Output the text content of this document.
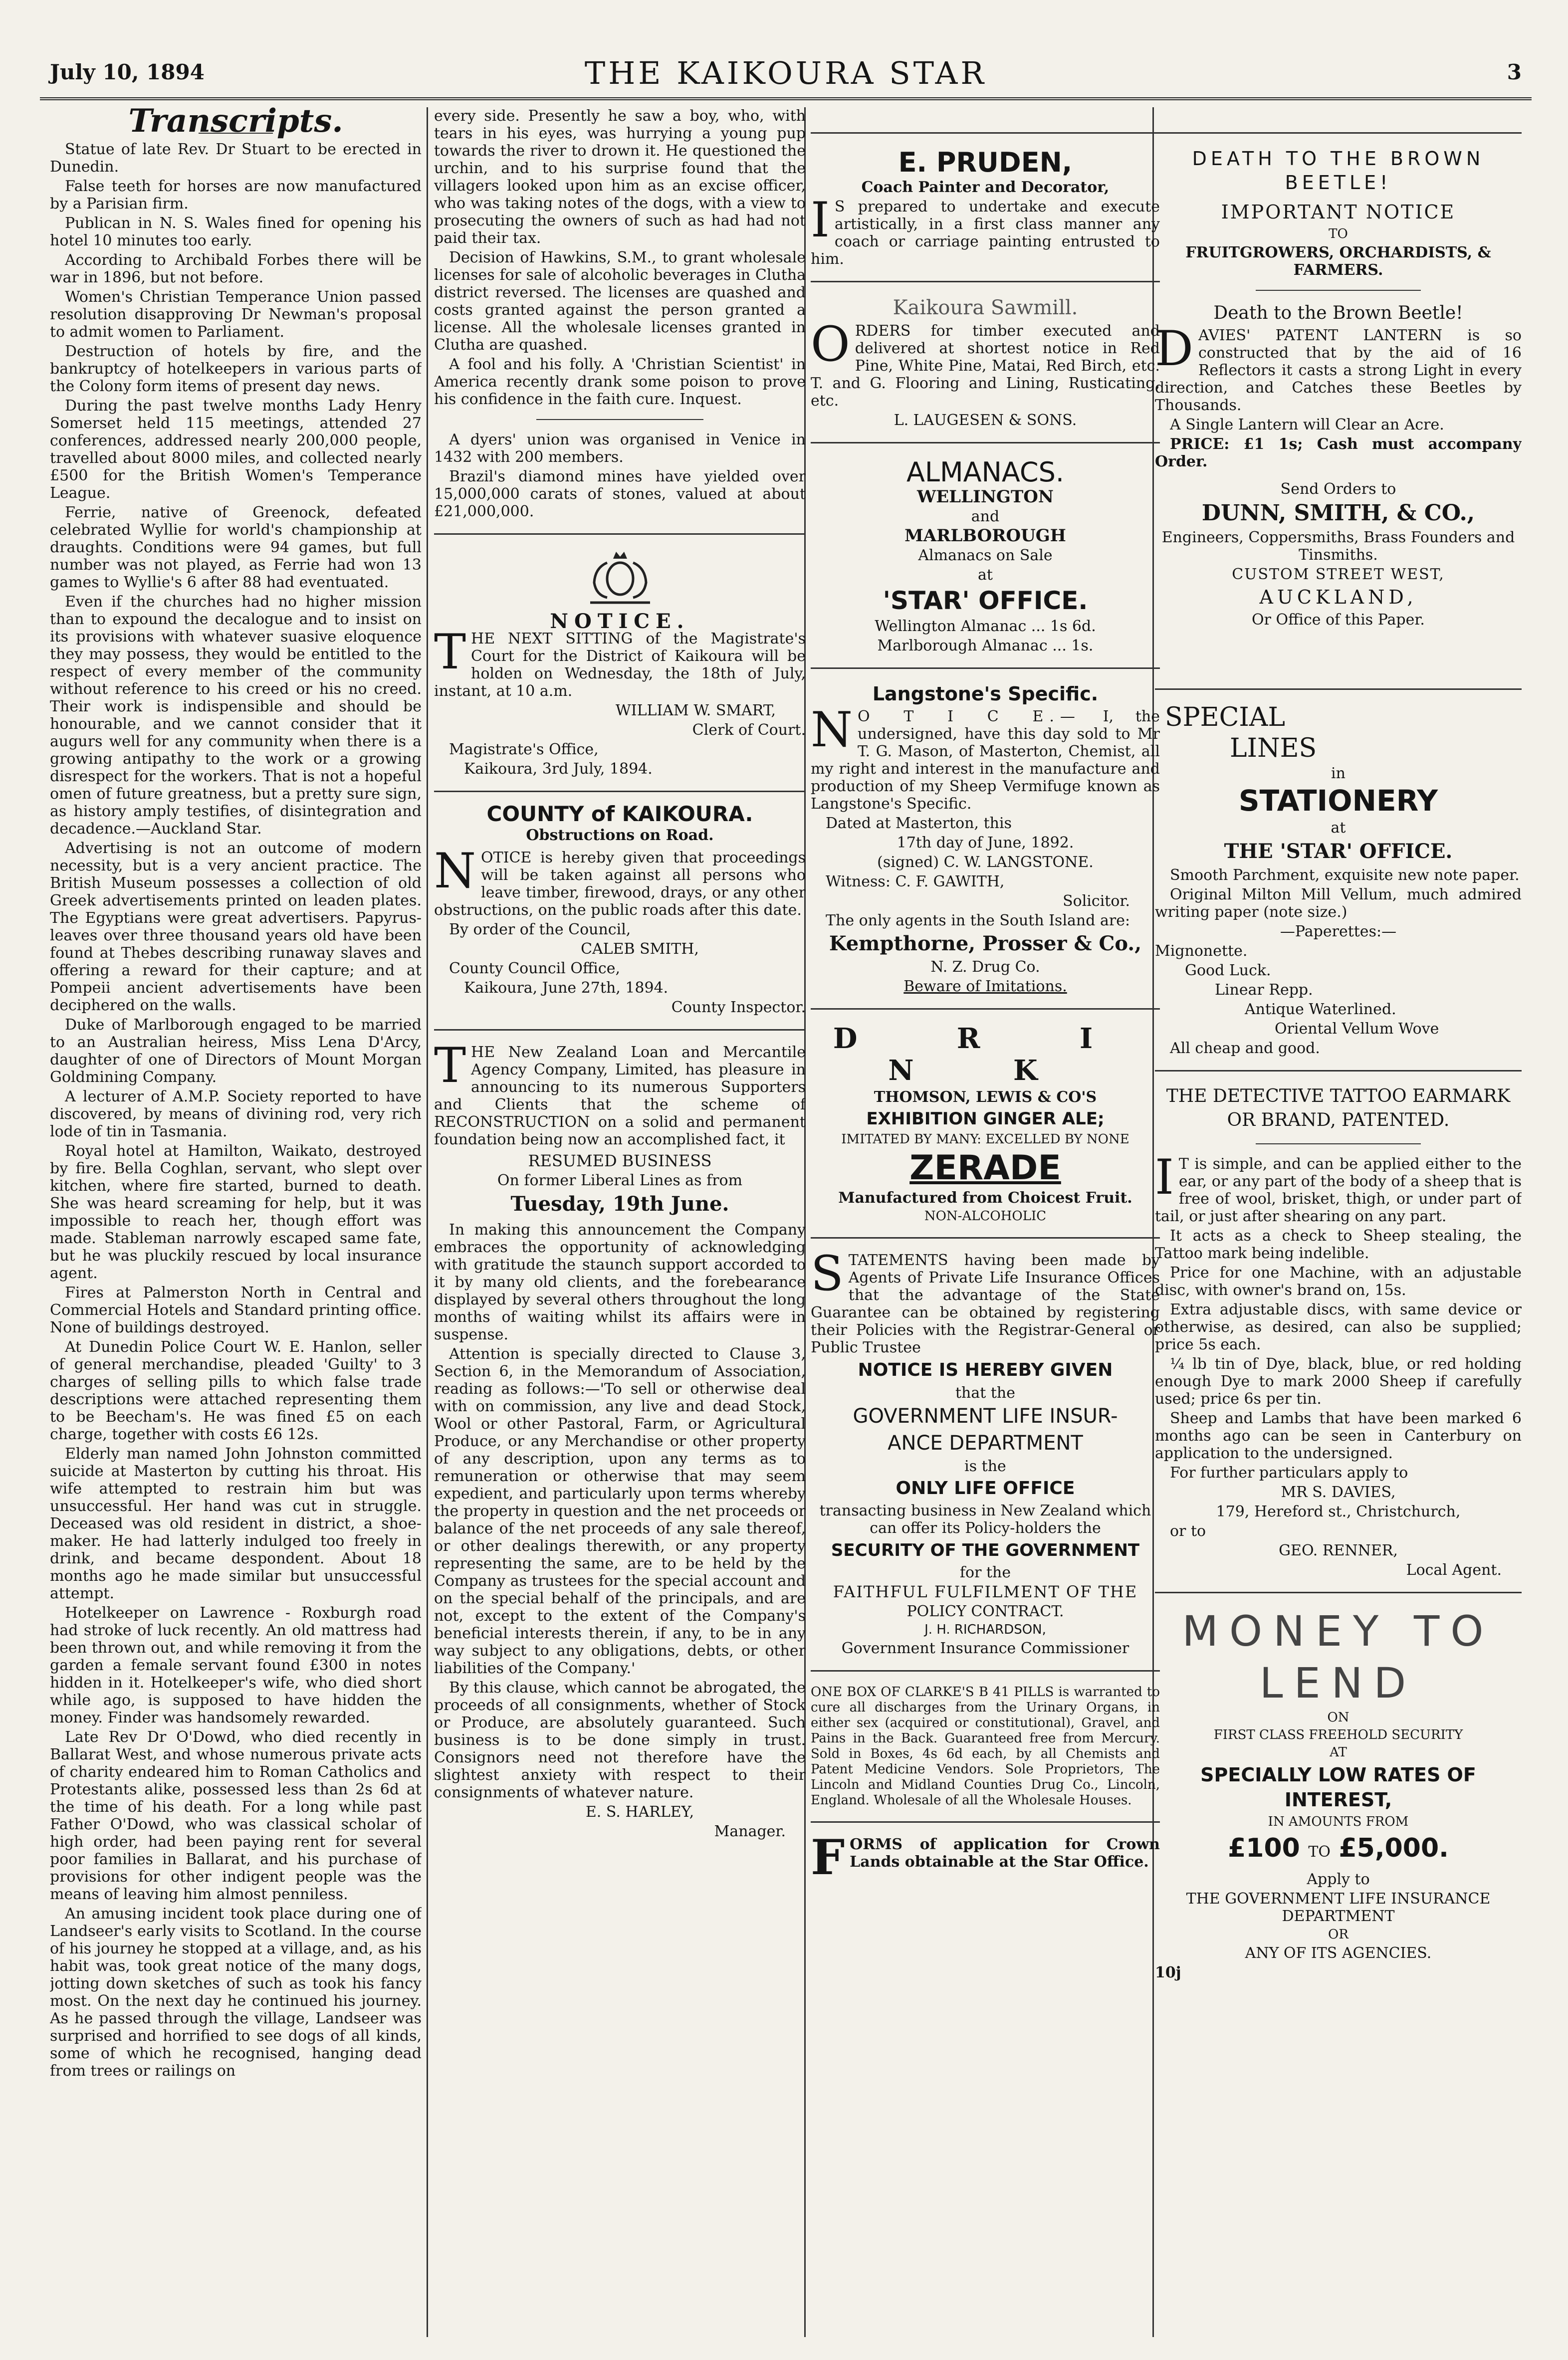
July 10, 1894	THE KAIKOURA STAR	3
Transcripts.

Statue of late Rev. Dr Stuart to be erected in Dunedin.

False teeth for horses are now manufactured by a Parisian firm.

Publican in N. S. Wales fined for opening his hotel 10 minutes too early.

According to Archibald Forbes there will be war in 1896, but not before.

Women's Christian Temperance Union passed resolution disapproving Dr Newman's proposal to admit women to Parliament.

Destruction of hotels by fire, and the bankruptcy of hotelkeepers in various parts of the Colony form items of present day news.

During the past twelve months Lady Henry Somerset held 115 meetings, attended 27 conferences, addressed nearly 200,000 people, travelled about 8000 miles, and collected nearly £500 for the British Women's Temperance League.

Ferrie, native of Greenock, defeated celebrated Wyllie for world's championship at draughts. Conditions were 94 games, but full number was not played, as Ferrie had won 13 games to Wyllie's 6 after 88 had eventuated.

Even if the churches had no higher mission than to expound the decalogue and to insist on its provisions with whatever suasive eloquence they may possess, they would be entitled to the respect of every member of the community without reference to his creed or his no creed. Their work is indispensible and should be honourable, and we cannot consider that it augurs well for any community when there is a growing antipathy to the work or a growing disrespect for the workers. That is not a hopeful omen of future greatness, but a pretty sure sign, as history amply testifies, of disintegration and decadence.—Auckland Star.

Advertising is not an outcome of modern necessity, but is a very ancient practice. The British Museum possesses a collection of old Greek advertisements printed on leaden plates. The Egyptians were great advertisers. Papyrus-leaves over three thousand years old have been found at Thebes describing runaway slaves and offering a reward for their capture; and at Pompeii ancient advertisements have been deciphered on the walls.

Duke of Marlborough engaged to be married to an Australian heiress, Miss Lena D'Arcy, daughter of one of Directors of Mount Morgan Goldmining Company.

A lecturer of A.M.P. Society reported to have discovered, by means of divining rod, very rich lode of tin in Tasmania.

Royal hotel at Hamilton, Waikato, destroyed by fire. Bella Coghlan, servant, who slept over kitchen, where fire started, burned to death. She was heard screaming for help, but it was impossible to reach her, though effort was made. Stableman narrowly escaped same fate, but he was pluckily rescued by local insurance agent.

Fires at Palmerston North in Central and Commercial Hotels and Standard printing office. None of buildings destroyed.

At Dunedin Police Court W. E. Hanlon, seller of general merchandise, pleaded 'Guilty' to 3 charges of selling pills to which false trade descriptions were attached representing them to be Beecham's. He was fined £5 on each charge, together with costs £6 12s.

Elderly man named John Johnston committed suicide at Masterton by cutting his throat. His wife attempted to restrain him but was unsuccessful. Her hand was cut in struggle. Deceased was old resident in district, a shoe-maker. He had latterly indulged too freely in drink, and became despondent. About 18 months ago he made similar but unsuccessful attempt.

Hotelkeeper on Lawrence - Roxburgh road had stroke of luck recently. An old mattress had been thrown out, and while removing it from the garden a female servant found £300 in notes hidden in it. Hotelkeeper's wife, who died short while ago, is supposed to have hidden the money. Finder was handsomely rewarded.

Late Rev Dr O'Dowd, who died recently in Ballarat West, and whose numerous private acts of charity endeared him to Roman Catholics and Protestants alike, possessed less than 2s 6d at the time of his death. For a long while past Father O'Dowd, who was classical scholar of high order, had been paying rent for several poor families in Ballarat, and his purchase of provisions for other indigent people was the means of leaving him almost penniless.

An amusing incident took place during one of Landseer's early visits to Scotland. In the course of his journey he stopped at a village, and, as his habit was, took great notice of the many dogs, jotting down sketches of such as took his fancy most. On the next day he continued his journey. As he passed through the village, Landseer was surprised and horrified to see dogs of all kinds, some of which he recognised, hanging dead from trees or railings on

every side. Presently he saw a boy, who, with tears in his eyes, was hurrying a young pup towards the river to drown it. He questioned the urchin, and to his surprise found that the villagers looked upon him as an excise officer, who was taking notes of the dogs, with a view to prosecuting the owners of such as had had not paid their tax.

Decision of Hawkins, S.M., to grant wholesale licenses for sale of alcoholic beverages in Clutha district reversed. The licenses are quashed and costs granted against the person granted a license. All the wholesale licenses granted in Clutha are quashed.

A fool and his folly. A 'Christian Scientist' in America recently drank some poison to prove his confidence in the faith cure. Inquest.

A dyers' union was organised in Venice in 1432 with 200 members.

Brazil's diamond mines have yielded over 15,000,000 carats of stones, valued at about £21,000,000.

NOTICE.

THE NEXT SITTING of the Magistrate's Court for the District of Kaikoura will be holden on Wednesday, the 18th of July, instant, at 10 a.m.

WILLIAM W. SMART,

Clerk of Court.

Magistrate's Office,

Kaikoura, 3rd July, 1894.

COUNTY of KAIKOURA.

Obstructions on Road.

NOTICE is hereby given that proceedings will be taken against all persons who leave timber, firewood, drays, or any other obstructions, on the public roads after this date.

By order of the Council,

CALEB SMITH,

County Council Office,

Kaikoura, June 27th, 1894.

County Inspector.

THE New Zealand Loan and Mercantile Agency Company, Limited, has pleasure in announcing to its numerous Supporters and Clients that the scheme of RECONSTRUCTION on a solid and permanent foundation being now an accomplished fact, it

RESUMED BUSINESS

On former Liberal Lines as from

Tuesday, 19th June.

In making this announcement the Company embraces the opportunity of acknowledging with gratitude the staunch support accorded to it by many old clients, and the forebearance displayed by several others throughout the long months of waiting whilst its affairs were in suspense.

Attention is specially directed to Clause 3, Section 6, in the Memorandum of Association, reading as follows:—'To sell or otherwise deal with on commission, any live and dead Stock, Wool or other Pastoral, Farm, or Agricultural Produce, or any Merchandise or other property of any description, upon any terms as to remuneration or otherwise that may seem expedient, and particularly upon terms whereby the property in question and the net proceeds or balance of the net proceeds of any sale thereof, or other dealings therewith, or any property representing the same, are to be held by the Company as trustees for the special account and on the special behalf of the principals, and are not, except to the extent of the Company's beneficial interests therein, if any, to be in any way subject to any obligations, debts, or other liabilities of the Company.'

By this clause, which cannot be abrogated, the proceeds of all consignments, whether of Stock or Produce, are absolutely guaranteed. Such business is to be done simply in trust. Consignors need not therefore have the slightest anxiety with respect to their consignments of whatever nature.

E. S. HARLEY,

Manager.

E. PRUDEN,

Coach Painter and Decorator,

I S prepared to undertake and execute artistically, in a first class manner any coach or carriage painting entrusted to him.

Kaikoura Sawmill.

ORDERS for timber executed and delivered at shortest notice in Red Pine, White Pine, Matai, Red Birch, etc. T. and G. Flooring and Lining, Rusticating, etc.

L. LAUGESEN & SONS.

ALMANACS.

WELLINGTON

and

MARLBOROUGH

Almanacs on Sale

at

'STAR' OFFICE.

Wellington Almanac ... 1s 6d.

Marlborough Almanac ... 1s.

Langstone's Specific.

N O T I C E.— I, the undersigned, have this day sold to Mr T. G. Mason, of Masterton, Chemist, all my right and interest in the manufacture and production of my Sheep Vermifuge known as Langstone's Specific.

Dated at Masterton, this

17th day of June, 1892.

(signed) C. W. LANGSTONE.

Witness: C. F. GAWITH,

Solicitor.

The only agents in the South Island are:

Kempthorne, Prosser & Co.,

N. Z. Drug Co.

Beware of Imitations.

D R I N K

THOMSON, LEWIS & CO'S

EXHIBITION GINGER ALE;

IMITATED BY MANY: EXCELLED BY NONE

ZERADE

Manufactured from Choicest Fruit.

NON-ALCOHOLIC

STATEMENTS having been made by Agents of Private Life Insurance Offices that the advantage of the State Guarantee can be obtained by registering their Policies with the Registrar-General or Public Trustee

NOTICE IS HEREBY GIVEN

that the

GOVERNMENT LIFE INSUR-

ANCE DEPARTMENT

is the

ONLY LIFE OFFICE

transacting business in New Zealand which can offer its Policy-holders the

SECURITY OF THE GOVERNMENT

for the

FAITHFUL FULFILMENT OF THE

POLICY CONTRACT.

J. H. RICHARDSON,

Government Insurance Commissioner

ONE BOX OF CLARKE'S B 41 PILLS is warranted to cure all discharges from the Urinary Organs, in either sex (acquired or constitutional), Gravel, and Pains in the Back. Guaranteed free from Mercury. Sold in Boxes, 4s 6d each, by all Chemists and Patent Medicine Vendors. Sole Proprietors, The Lincoln and Midland Counties Drug Co., Lincoln, England. Wholesale of all the Wholesale Houses.

FORMS of application for Crown Lands obtainable at the Star Office.

DEATH TO THE BROWN BEETLE!

IMPORTANT NOTICE

TO

FRUITGROWERS, ORCHARDISTS, & FARMERS.

Death to the Brown Beetle!

DAVIES' PATENT LANTERN is so constructed that by the aid of 16 Reflectors it casts a strong Light in every direction, and Catches these Beetles by Thousands.

A Single Lantern will Clear an Acre.

PRICE: £1 1s; Cash must accompany Order.

Send Orders to

DUNN, SMITH, & CO.,

Engineers, Coppersmiths, Brass Founders and Tinsmiths.

CUSTOM STREET WEST,

AUCKLAND,

Or Office of this Paper.

SPECIAL

LINES

in

STATIONERY

at

THE 'STAR' OFFICE.

Smooth Parchment, exquisite new note paper.

Original Milton Mill Vellum, much admired writing paper (note size.)

—Paperettes:—

Mignonette.

Good Luck.

Linear Repp.

Antique Waterlined.

Oriental Vellum Wove

All cheap and good.

THE DETECTIVE TATTOO EARMARK OR BRAND, PATENTED.

I T is simple, and can be applied either to the ear, or any part of the body of a sheep that is free of wool, brisket, thigh, or under part of tail, or just after shearing on any part.

It acts as a check to Sheep stealing, the Tattoo mark being indelible.

Price for one Machine, with an adjustable disc, with owner's brand on, 15s.

Extra adjustable discs, with same device or otherwise, as desired, can also be supplied; price 5s each.

¼ lb tin of Dye, black, blue, or red holding enough Dye to mark 2000 Sheep if carefully used; price 6s per tin.

Sheep and Lambs that have been marked 6 months ago can be seen in Canterbury on application to the undersigned.

For further particulars apply to

MR S. DAVIES,

179, Hereford st., Christchurch,

or to

GEO. RENNER,

Local Agent.

MONEY TO

LEND

ON

FIRST CLASS FREEHOLD SECURITY

AT

SPECIALLY LOW RATES OF INTEREST,

IN AMOUNTS FROM

£100 TO £5,000.

Apply to

THE GOVERNMENT LIFE INSURANCE DEPARTMENT

OR

ANY OF ITS AGENCIES.

10j
